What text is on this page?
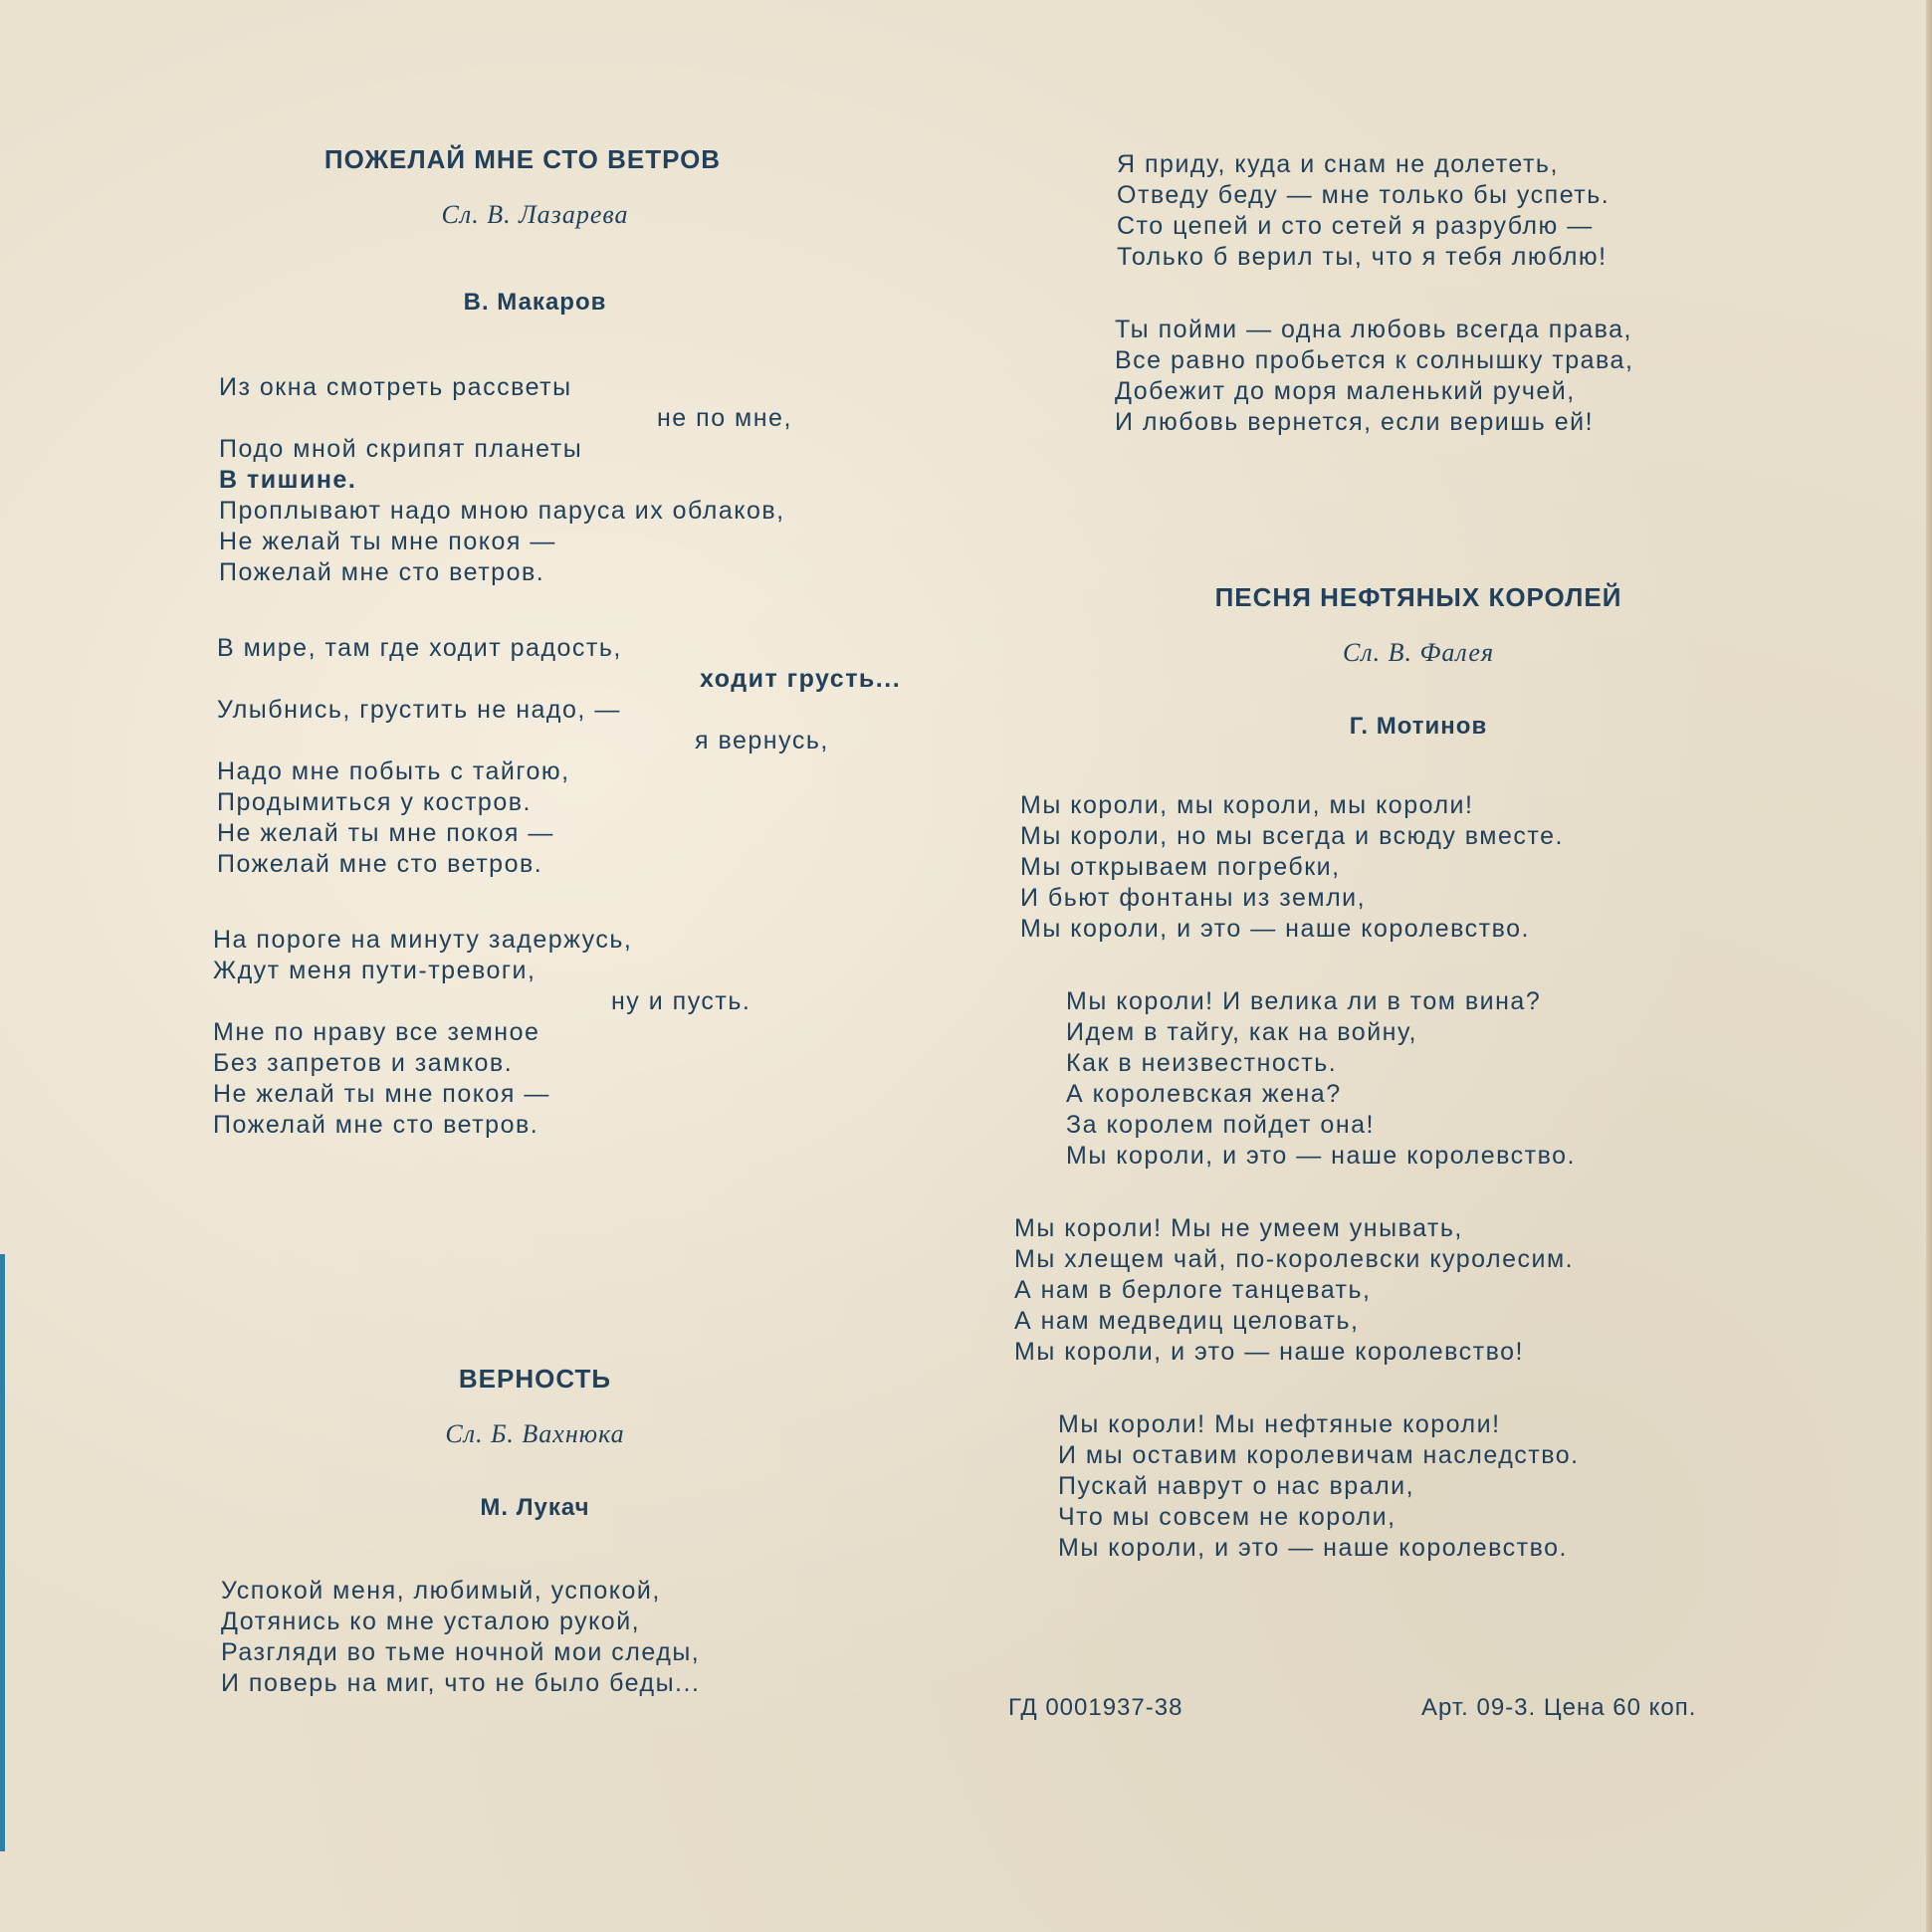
ПОЖЕЛАЙ МНЕ СТО ВЕТРОВ

Сл. В. Лазарева

В. Макаров

Из окна смотреть рассветы

не по мне,

Подо мной скрипят планеты

В тишине.

Проплывают надо мною паруса их облаков,

Не желай ты мне покоя —

Пожелай мне сто ветров.

В мире, там где ходит радость,

ходит грусть...

Улыбнись, грустить не надо, —

я вернусь,

Надо мне побыть с тайгою,

Продымиться у костров.

Не желай ты мне покоя —

Пожелай мне сто ветров.

На пороге на минуту задержусь,

Ждут меня пути-тревоги,

ну и пусть.

Мне по нраву все земное

Без запретов и замков.

Не желай ты мне покоя —

Пожелай мне сто ветров.

ВЕРНОСТЬ

Сл. Б. Вахнюка

М. Лукач

Успокой меня, любимый, успокой,

Дотянись ко мне усталою рукой,

Разгляди во тьме ночной мои следы,

И поверь на миг, что не было беды...

Я приду, куда и снам не долететь,

Отведу беду — мне только бы успеть.

Сто цепей и сто сетей я разрублю —

Только б верил ты, что я тебя люблю!

Ты пойми — одна любовь всегда права,

Все равно пробьется к солнышку трава,

Добежит до моря маленький ручей,

И любовь вернется, если веришь ей!

ПЕСНЯ НЕФТЯНЫХ КОРОЛЕЙ

Сл. В. Фалея

Г. Мотинов

Мы короли, мы короли, мы короли!

Мы короли, но мы всегда и всюду вместе.

Мы открываем погребки,

И бьют фонтаны из земли,

Мы короли, и это — наше королевство.

Мы короли! И велика ли в том вина?

Идем в тайгу, как на войну,

Как в неизвестность.

А королевская жена?

За королем пойдет она!

Мы короли, и это — наше королевство.

Мы короли! Мы не умеем унывать,

Мы хлещем чай, по-королевски куролесим.

А нам в берлоге танцевать,

А нам медведиц целовать,

Мы короли, и это — наше королевство!

Мы короли! Мы нефтяные короли!

И мы оставим королевичам наследство.

Пускай наврут о нас врали,

Что мы совсем не короли,

Мы короли, и это — наше королевство.

ГД 0001937-38	Арт. 09-3. Цена 60 коп.
